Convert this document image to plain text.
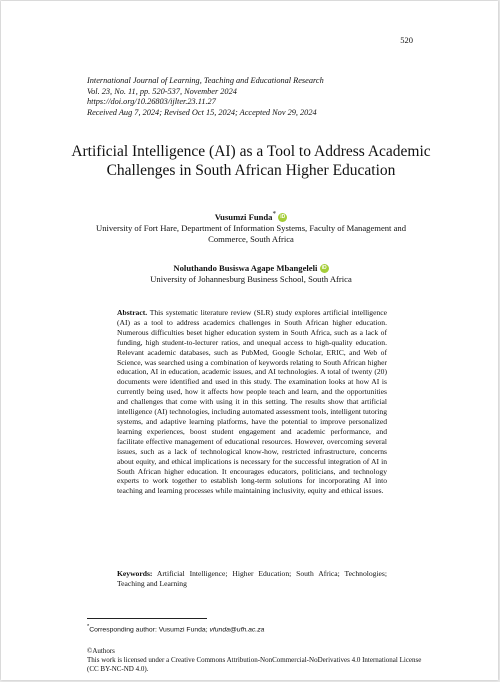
520
International Journal of Learning, Teaching and Educational Research
Vol. 23, No. 11, pp. 520-537, November 2024
https://doi.org/10.26803/ijlter.23.11.27
Received Aug 7, 2024; Revised Oct 15, 2024; Accepted Nov 29, 2024
Artificial Intelligence (AI) as a Tool to Address Academic Challenges in South African Higher Education
Vusumzi Funda* iD
University of Fort Hare, Department of Information Systems, Faculty of Management and Commerce, South Africa
Noluthando Busiswa Agape Mbangeleli iD
University of Johannesburg Business School, South Africa
Abstract. This systematic literature review (SLR) study explores artificial intelligence (AI) as a tool to address academics challenges in South African higher education. Numerous difficulties beset higher education system in South Africa, such as a lack of funding, high student-to-lecturer ratios, and unequal access to high-quality education. Relevant academic databases, such as PubMed, Google Scholar, ERIC, and Web of Science, was searched using a combination of keywords relating to South African higher education, AI in education, academic issues, and AI technologies. A total of twenty (20) documents were identified and used in this study. The examination looks at how AI is currently being used, how it affects how people teach and learn, and the opportunities and challenges that come with using it in this setting. The results show that artificial intelligence (AI) technologies, including automated assessment tools, intelligent tutoring systems, and adaptive learning platforms, have the potential to improve personalized learning experiences, boost student engagement and academic performance, and facilitate effective management of educational resources. However, overcoming several issues, such as a lack of technological know-how, restricted infrastructure, concerns about equity, and ethical implications is necessary for the successful integration of AI in South African higher education. It encourages educators, politicians, and technology experts to work together to establish long-term solutions for incorporating AI into teaching and learning processes while maintaining inclusivity, equity and ethical issues.
Keywords: Artificial Intelligence; Higher Education; South Africa; Technologies; Teaching and Learning
*Corresponding author: Vusumzi Funda; vfunda@ufh.ac.za
©Authors
This work is licensed under a Creative Commons Attribution-NonCommercial-NoDerivatives 4.0 International License (CC BY-NC-ND 4.0).
